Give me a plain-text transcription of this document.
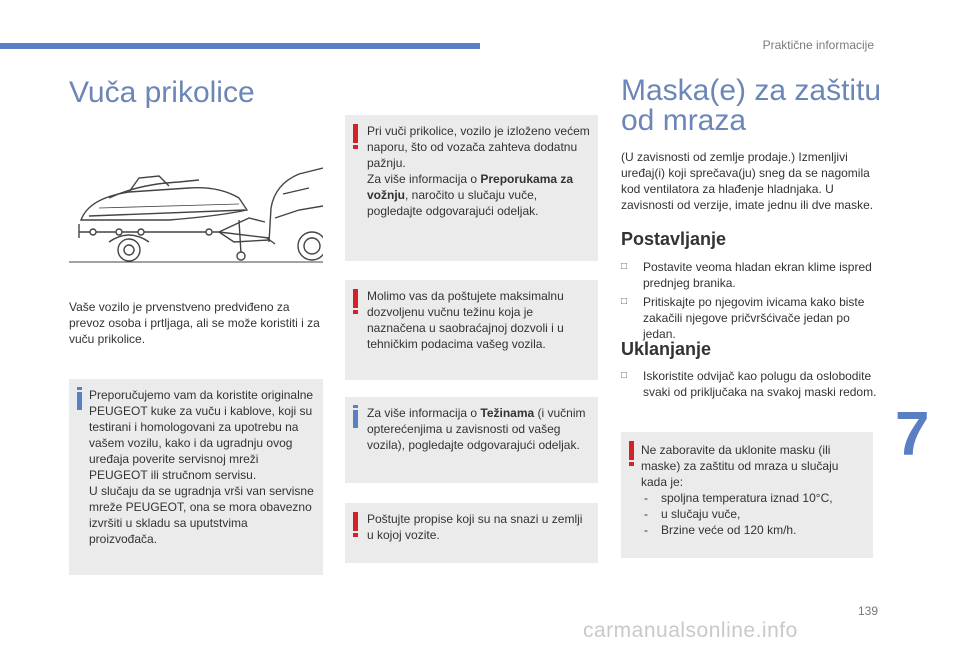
Praktične informacije
Vuča prikolice
Vaše vozilo je prvenstveno predviđeno za prevoz osoba i prtljaga, ali se može koristiti i za vuču prikolice.

Preporučujemo vam da koristite originalne PEUGEOT kuke za vuču i kablove, koji su testirani i homologovani za upotrebu na vašem vozilu, kako i da ugradnju ovog uređaja poverite servisnoj mreži PEUGEOT ili stručnom servisu.

U slučaju da se ugradnja vrši van servisne mreže PEUGEOT, ona se mora obavezno izvršiti u skladu sa uputstvima proizvođača.

Pri vuči prikolice, vozilo je izloženo većem naporu, što od vozača zahteva dodatnu pažnju.

Za više informacija o Preporukama za vožnju, naročito u slučaju vuče, pogledajte odgovarajući odeljak.

Molimo vas da poštujete maksimalnu dozvoljenu vučnu težinu koja je naznačena u saobraćajnoj dozvoli i u tehničkim podacima vašeg vozila.

Za više informacija o Težinama (i vučnim opterećenjima u zavisnosti od vašeg vozila), pogledajte odgovarajući odeljak.

Poštujte propise koji su na snazi u zemlji u kojoj vozite.

Maska(e) za zaštitu od mraza
(U zavisnosti od zemlje prodaje.) Izmenljivi uređaj(i) koji sprečava(ju) sneg da se nagomila kod ventilatora za hlađenje hladnjaka. U zavisnosti od verzije, imate jednu ili dve maske.
Postavljanje
□ Postavite veoma hladan ekran klime ispred prednjeg branika.
□ Pritiskajte po njegovim ivicama kako biste zakačili njegove pričvršćivače jedan po jedan.
Uklanjanje
□ Iskoristite odvijač kao polugu da oslobodite svaki od priključaka na svakoj maski redom.

Ne zaboravite da uklonite masku (ili maske) za zaštitu od mraza u slučaju kada je:

- spoljna temperatura iznad 10°C,
- u slučaju vuče,
- Brzine veće od 120 km/h.
7
139
carmanualsonline.info
